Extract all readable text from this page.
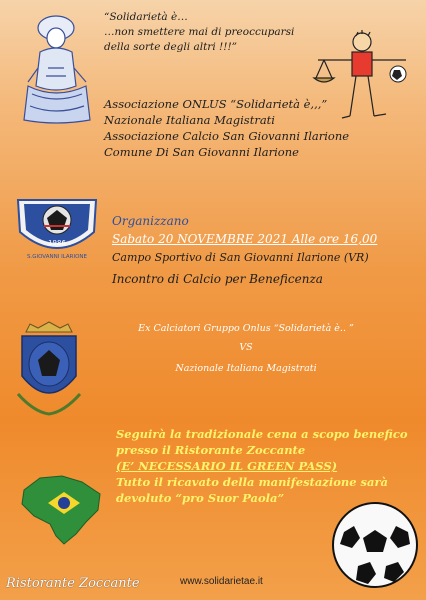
“Solidarietà è…
…non smettere mai di preoccuparsi
della sorte degli altri !!!”
Associazione ONLUS “Solidarietà è,,,”
Nazionale Italiana Magistrati
Associazione Calcio San Giovanni Ilarione
Comune Di San Giovanni Ilarione
1986
S.GIOVANNI ILARIONE
Organizzano
Sabato 20 NOVEMBRE 2021 Alle ore 16,00
Campo Sportivo di San Giovanni Ilarione (VR)
Incontro di Calcio per Beneficenza
Ex Calciatori Gruppo Onlus “Solidarietà è.. ”
VS
Nazionale Italiana Magistrati
Seguirà la tradizionale cena a scopo benefico
presso il Ristorante Zoccante
(E’ NECESSARIO IL GREEN PASS)
Tutto il ricavato della manifestazione sarà
devoluto “pro Suor Paola”
Ristorante Zoccante	www.solidarietae.it
